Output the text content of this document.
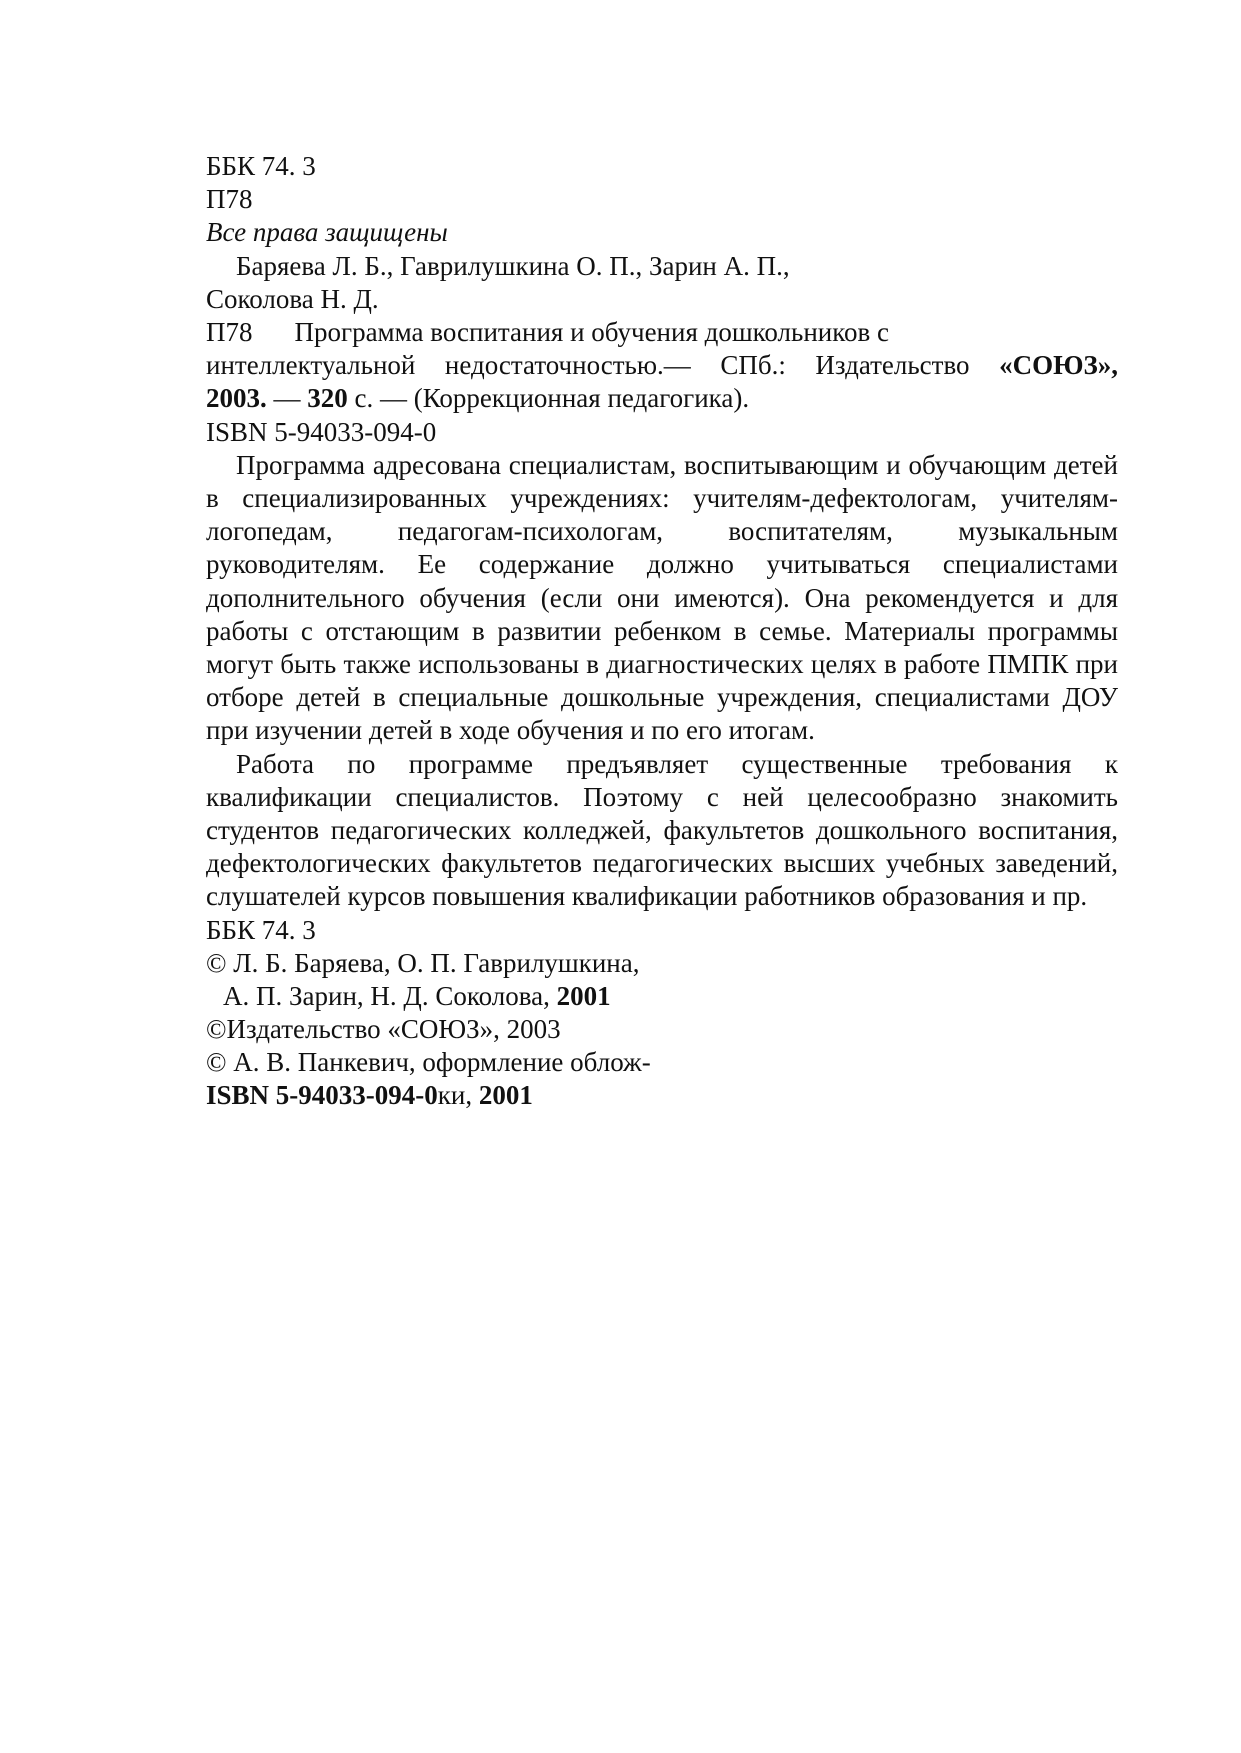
ББК 74. 3
П78
Все права защищены
Баряева Л. Б., Гаврилушкина О. П., Зарин А. П.,
Соколова Н. Д.
П78 Программа воспитания и обучения дошкольников с
интеллектуальной недостаточностью.— СПб.: Издательство «СОЮЗ»,
2003. — 320 с. — (Коррекционная педагогика).
ISBN 5-94033-094-0

Программа адресована специалистам, воспитывающим и обучающим детей в специализированных учреждениях: учителям-дефектологам, учителям-логопедам, педагогам-психологам, воспитателям, музыкальным руководителям. Ее содержание должно учитываться специалистами дополнительного обучения (если они имеются). Она рекомендуется и для работы с отстающим в развитии ребенком в семье. Материалы программы могут быть также использованы в диагностических целях в работе ПМПК при отборе детей в специальные дошкольные учреждения, специалистами ДОУ при изучении детей в ходе обучения и по его итогам.

Работа по программе предъявляет существенные требования к квалификации специалистов. Поэтому с ней целесообразно знакомить студентов педагогических колледжей, факультетов дошкольного воспитания, дефектологических факультетов педагогических высших учебных заведений, слушателей курсов повышения квалификации работников образования и пр.

ББК 74. 3
© Л. Б. Баряева, О. П. Гаврилушкина,
А. П. Зарин, Н. Д. Соколова, 2001
©Издательство «СОЮЗ», 2003
© А. В. Панкевич, оформление облож-
ISBN 5-94033-094-0ки, 2001
